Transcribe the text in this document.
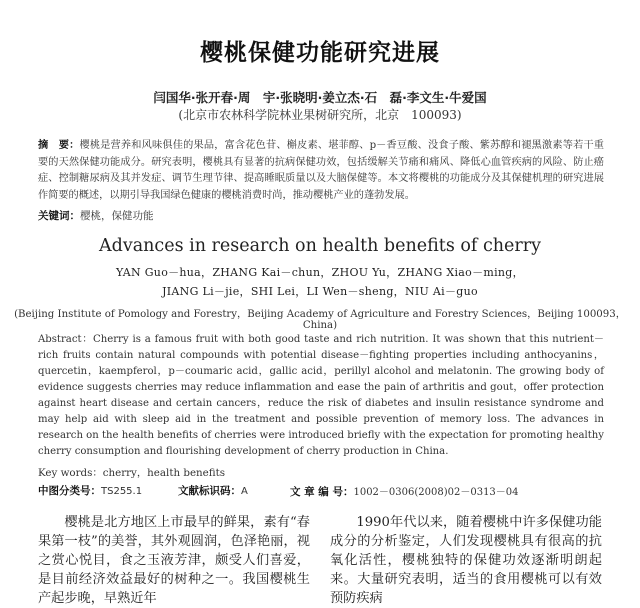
樱桃保健功能研究进展
闫国华·张开春·周　宇·张晓明·姜立杰·石　磊·李文生·牛爱国
(北京市农林科学院林业果树研究所，北京　100093)
摘　要：樱桃是营养和风味俱佳的果品，富含花色苷、槲皮素、堪菲醇、p－香豆酸、没食子酸、紫苏醇和褪黑激素等若干重要的天然保健功能成分。研究表明，樱桃具有显著的抗病保健功效，包括缓解关节痛和痛风、降低心血管疾病的风险、防止癌症、控制糖尿病及其并发症、调节生理节律、提高睡眠质量以及大脑保健等。本文将樱桃的功能成分及其保健机理的研究进展作简要的概述，以期引导我国绿色健康的樱桃消费时尚，推动樱桃产业的蓬勃发展。
关键词：樱桃，保健功能
Advances in research on health benefits of cherry
YAN Guo－hua，ZHANG Kai－chun，ZHOU Yu，ZHANG Xiao－ming，
JIANG Li－jie，SHI Lei，LI Wen－sheng，NIU Ai－guo
(Beijing Institute of Pomology and Forestry，Beijing Academy of Agriculture and Forestry Sciences，Beijing 100093，China)
Abstract：Cherry is a famous fruit with both good taste and rich nutrition. It was shown that this nutrient－rich fruits contain natural compounds with potential disease－fighting properties including anthocyanins，quercetin，kaempferol，p－coumaric acid，gallic acid，perillyl alcohol and melatonin. The growing body of evidence suggests cherries may reduce inflammation and ease the pain of arthritis and gout，offer protection against heart disease and certain cancers，reduce the risk of diabetes and insulin resistance syndrome and may help aid with sleep aid in the treatment and possible prevention of memory loss. The advances in research on the health benefits of cherries were introduced briefly with the expectation for promoting healthy cherry consumption and flourishing development of cherry production in China.
Key words：cherry，health benefits
中图分类号：TS255.1	文献标识码：A	文 章 编 号：1002－0306(2008)02－0313－04

樱桃是北方地区上市最早的鲜果，素有“春果第一枝”的美誉，其外观圆润，色泽艳丽，视之赏心悦目，食之玉液芳津，颇受人们喜爱，是目前经济效益最好的树种之一。我国樱桃生产起步晚，早熟近年

1990年代以来，随着樱桃中许多保健功能成分的分析鉴定，人们发现樱桃具有很高的抗氧化活性，樱桃独特的保健功效逐渐明朗起来。大量研究表明，适当的食用樱桃可以有效预防疾病
